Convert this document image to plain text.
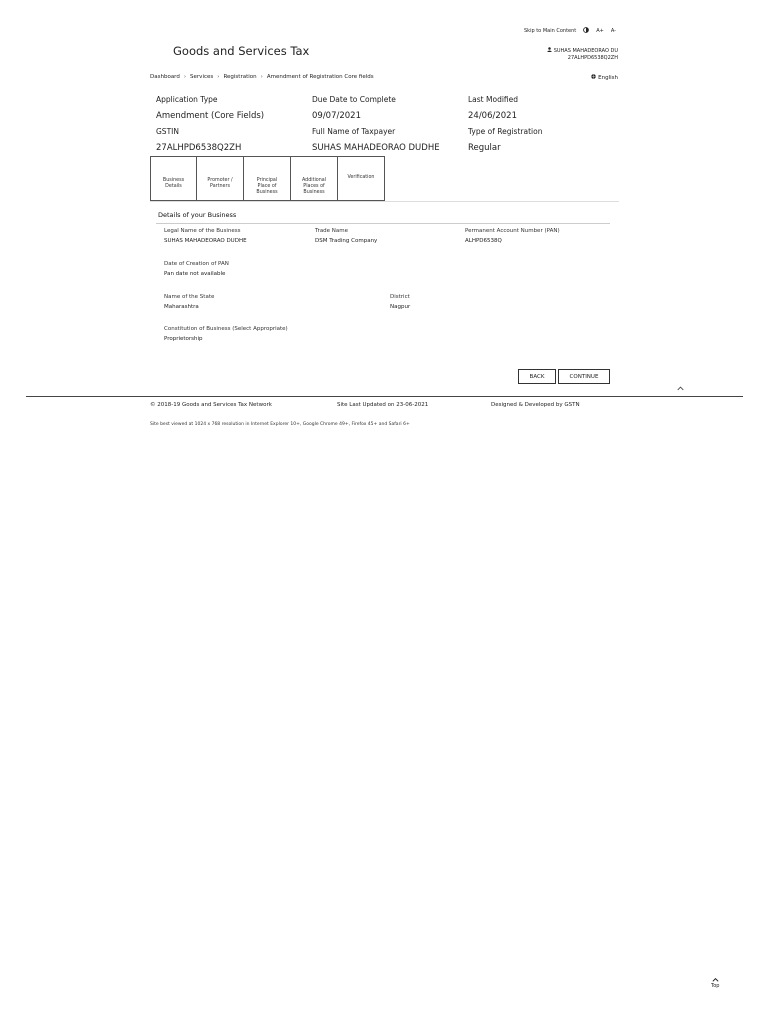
Skip to Main Content	A+ A-
Goods and Services Tax	SUHAS MAHADEORAO DU
27ALHPD6538Q2ZH
Dashboard › Services › Registration › Amendment of Registration Core fields	English
Application Type	Due Date to Complete	Last Modified
Amendment (Core Fields)	09/07/2021	24/06/2021
GSTIN	Full Name of Taxpayer	Type of Registration
27ALHPD6538Q2ZH	SUHAS MAHADEORAO DUDHE	Regular
Business
Details
Promoter /
Partners
Principal
Place of
Business
Additional
Places of
Business
Verification
Details of your Business
Legal Name of the Business
SUHAS MAHADEORAO DUDHE
Trade Name
DSM Trading Company
Permanent Account Number (PAN)
ALHPD6538Q
Date of Creation of PAN
Pan date not available
Name of the State
Maharashtra
District
Nagpur
Constitution of Business (Select Appropriate)
Proprietorship
BACK	CONTINUE
© 2018-19 Goods and Services Tax Network	Site Last Updated on 23-06-2021	Designed & Developed by GSTN
Site best viewed at 1024 x 768 resolution in Internet Explorer 10+, Google Chrome 49+, Firefox 45+ and Safari 6+
Top
